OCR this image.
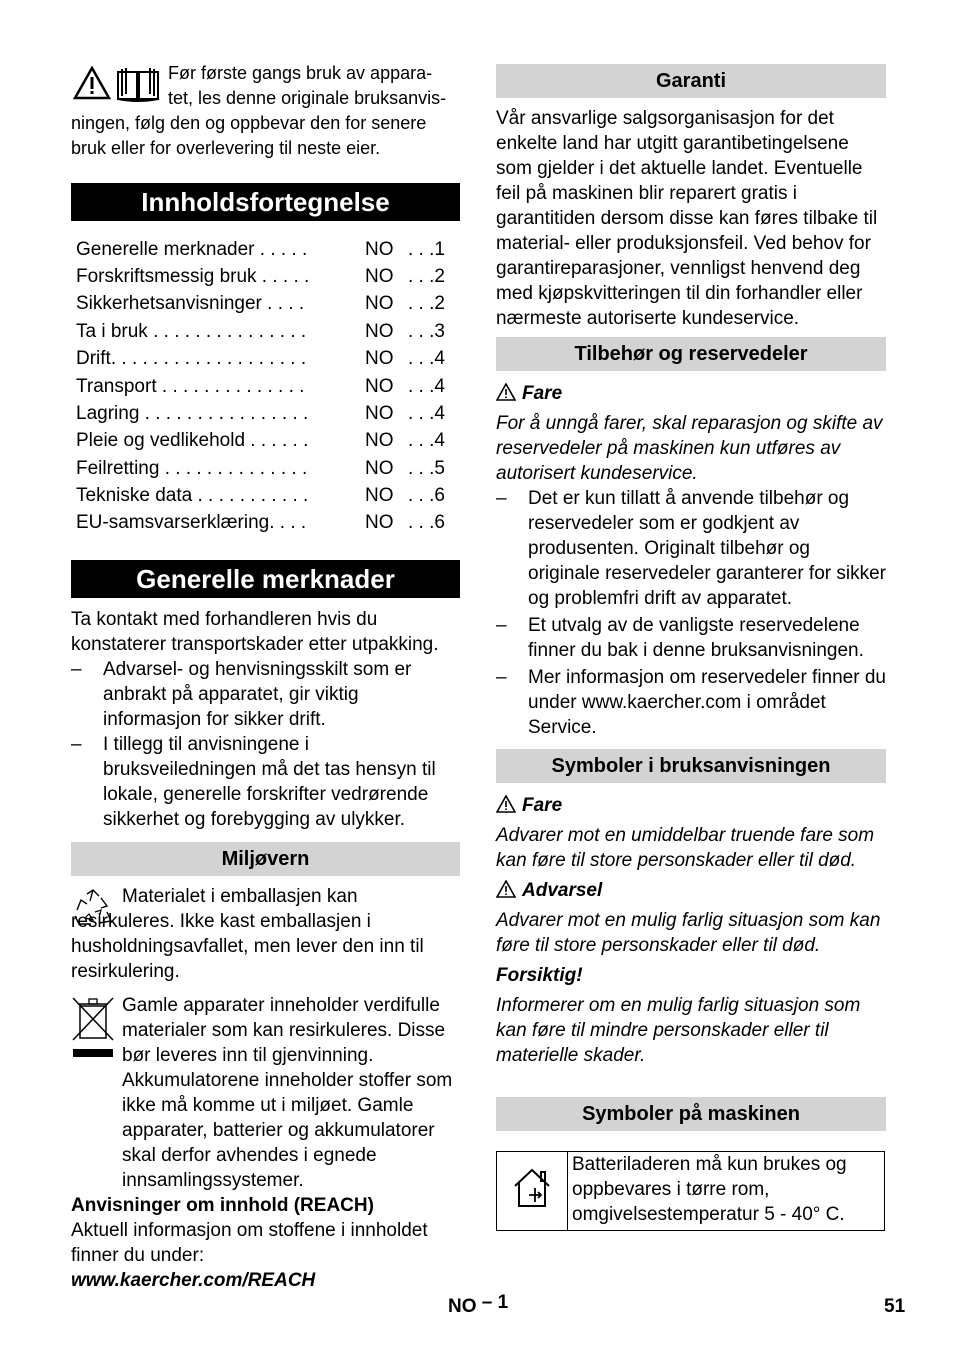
Før første gangs bruk av appara-

tet, les denne originale bruksanvis-

ningen, følg den og oppbevar den for senere

bruk eller for overlevering til neste eier.

Innholdsfortegnelse
Generelle merknader . . . . .	NO . . .1
Forskriftsmessig bruk . . . . .	NO . . .2
Sikkerhetsanvisninger . . . .	NO . . .2
Ta i bruk . . . . . . . . . . . . . . .	NO . . .3
Drift. . . . . . . . . . . . . . . . . . .	NO . . .4
Transport . . . . . . . . . . . . . .	NO . . .4
Lagring . . . . . . . . . . . . . . . .	NO . . .4
Pleie og vedlikehold . . . . . .	NO . . .4
Feilretting . . . . . . . . . . . . . .	NO . . .5
Tekniske data . . . . . . . . . . .	NO . . .6
EU-samsvarserklæring. . . .	NO . . .6
Generelle merknader

Ta kontakt med forhandleren hvis du konstaterer transportskader etter utpakking.

– Advarsel- og henvisningsskilt som er anbrakt på apparatet, gir viktig informasjon for sikker drift.
– I tillegg til anvisningene i bruksveiledningen må det tas hensyn til lokale, generelle forskrifter vedrørende sikkerhet og forebygging av ulykker.
Miljøvern

Materialet i emballasjen kan resirkuleres. Ikke kast emballasjen i husholdningsavfallet, men lever den inn til resirkulering.

Gamle apparater inneholder verdifulle materialer som kan resirkuleres. Disse bør leveres inn til gjenvinning. Akkumulatorene inneholder stoffer som ikke må komme ut i miljøet. Gamle apparater, batterier og akkumulatorer skal derfor avhendes i egnede innsamlingssystemer.

Anvisninger om innhold (REACH)

Aktuell informasjon om stoffene i innholdet finner du under:

www.kaercher.com/REACH

Garanti

Vår ansvarlige salgsorganisasjon for det enkelte land har utgitt garantibetingelsene som gjelder i det aktuelle landet. Eventuelle feil på maskinen blir reparert gratis i garantitiden dersom disse kan føres tilbake til material- eller produksjonsfeil. Ved behov for garantireparasjoner, vennligst henvend deg med kjøpskvitteringen til din forhandler eller nærmeste autoriserte kundeservice.

Tilbehør og reservedeler

Fare

For å unngå farer, skal reparasjon og skifte av reservedeler på maskinen kun utføres av autorisert kundeservice.

– Det er kun tillatt å anvende tilbehør og reservedeler som er godkjent av produsenten. Originalt tilbehør og originale reservedeler garanterer for sikker og problemfri drift av apparatet.
– Et utvalg av de vanligste reservedelene finner du bak i denne bruksanvisningen.
– Mer informasjon om reservedeler finner du under www.kaercher.com i området Service.
Symboler i bruksanvisningen

Fare

Advarer mot en umiddelbar truende fare som kan føre til store personskader eller til død.

Advarsel

Advarer mot en mulig farlig situasjon som kan føre til store personskader eller til død.

Forsiktig!

Informerer om en mulig farlig situasjon som kan føre til mindre personskader eller til materielle skader.

Symboler på maskinen
	Batteriladeren må kun brukes og oppbevares i tørre rom, omgivelsestemperatur 5 - 40° C.
NO – 1	51
